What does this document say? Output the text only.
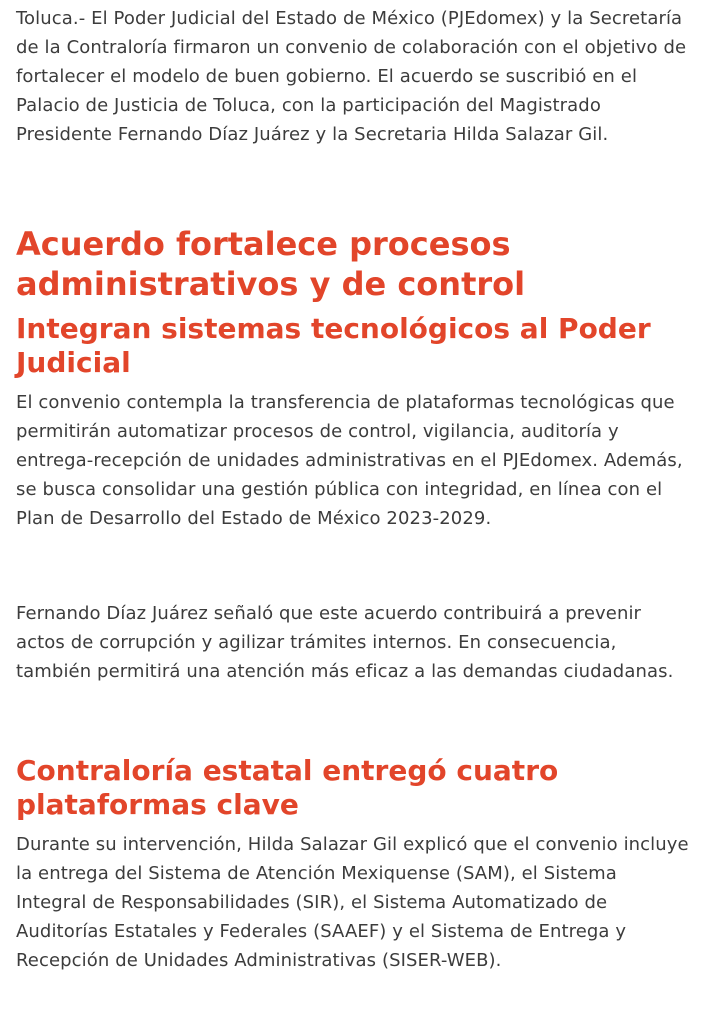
Toluca.- El Poder Judicial del Estado de México (PJEdomex) y la Secretaría de la Contraloría firmaron un convenio de colaboración con el objetivo de fortalecer el modelo de buen gobierno. El acuerdo se suscribió en el Palacio de Justicia de Toluca, con la participación del Magistrado Presidente Fernando Díaz Juárez y la Secretaria Hilda Salazar Gil.

Acuerdo fortalece procesos administrativos y de control
Integran sistemas tecnológicos al Poder Judicial

El convenio contempla la transferencia de plataformas tecnológicas que permitirán automatizar procesos de control, vigilancia, auditoría y entrega-recepción de unidades administrativas en el PJEdomex. Además, se busca consolidar una gestión pública con integridad, en línea con el Plan de Desarrollo del Estado de México 2023-2029.

Fernando Díaz Juárez señaló que este acuerdo contribuirá a prevenir actos de corrupción y agilizar trámites internos. En consecuencia, también permitirá una atención más eficaz a las demandas ciudadanas.

Contraloría estatal entregó cuatro plataformas clave

Durante su intervención, Hilda Salazar Gil explicó que el convenio incluye la entrega del Sistema de Atención Mexiquense (SAM), el Sistema Integral de Responsabilidades (SIR), el Sistema Automatizado de Auditorías Estatales y Federales (SAAEF) y el Sistema de Entrega y Recepción de Unidades Administrativas (SISER-WEB).
